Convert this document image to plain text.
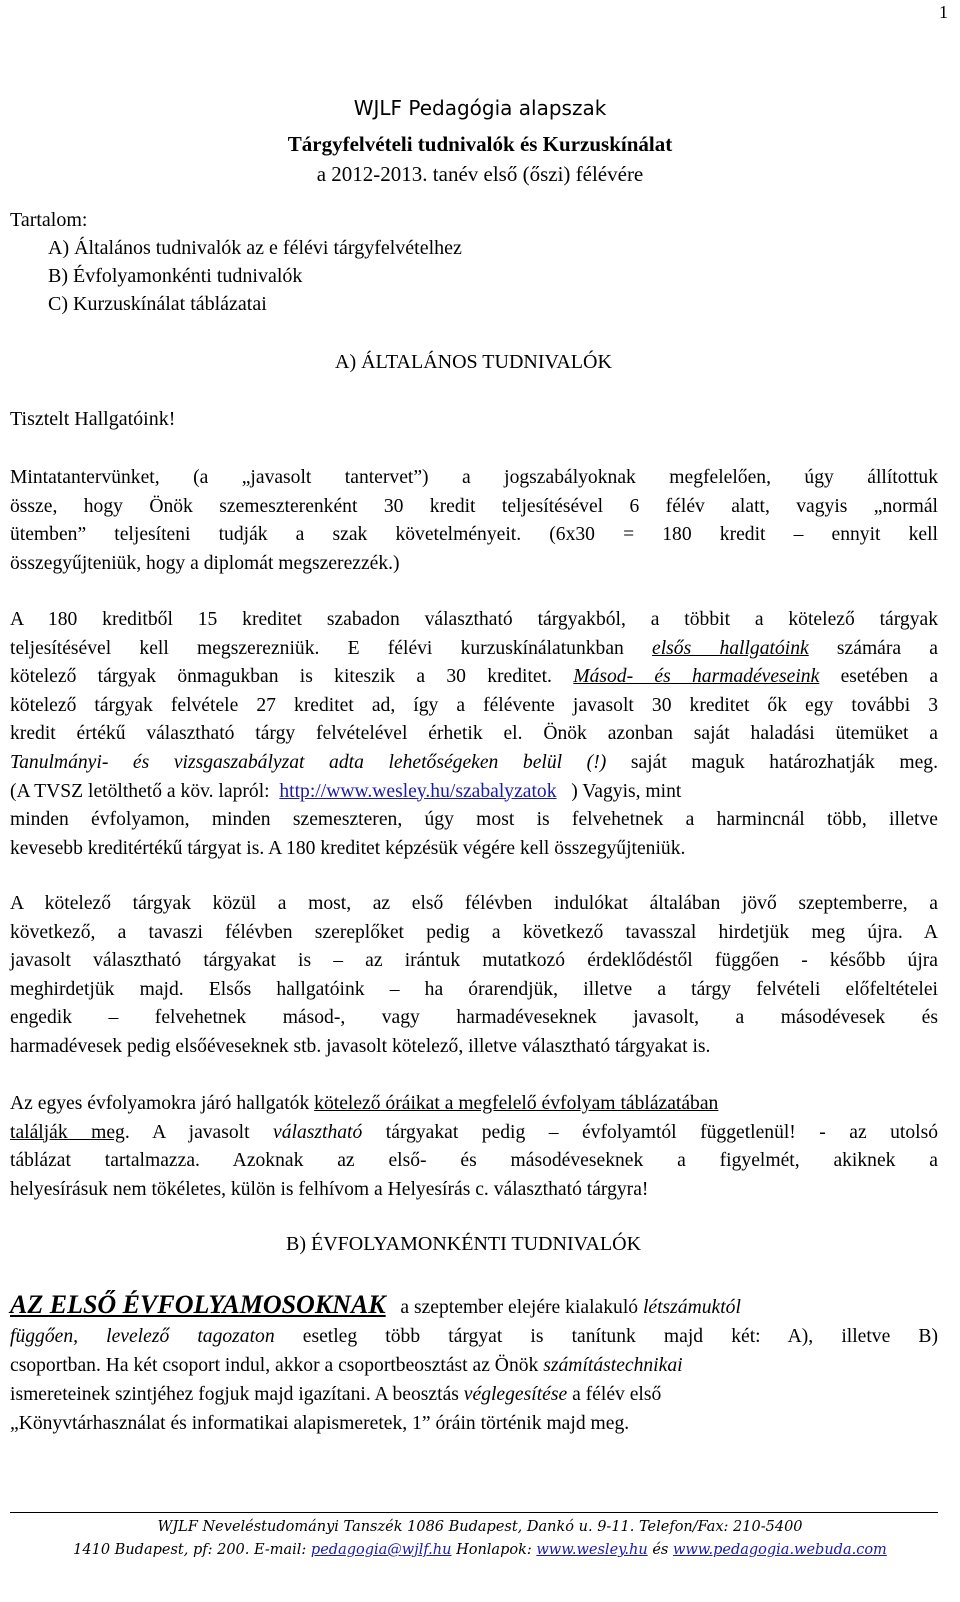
1
WJLF Pedagógia alapszak
Tárgyfelvételi tudnivalók és Kurzuskínálat
a 2012-2013. tanév első (őszi) félévére
Tartalom:
A) Általános tudnivalók az e félévi tárgyfelvételhez
B) Évfolyamonkénti tudnivalók
C) Kurzuskínálat táblázatai
A) ÁLTALÁNOS TUDNIVALÓK
Tisztelt Hallgatóink!
Mintatantervünket, (a „javasolt tantervet”) a jogszabályoknak megfelelően, úgy állítottuk
össze, hogy Önök szemeszterenként 30 kredit teljesítésével 6 félév alatt, vagyis „normál
ütemben” teljesíteni tudják a szak követelményeit. (6x30 = 180 kredit – ennyit kell
összegyűjteniük, hogy a diplomát megszerezzék.)
A 180 kreditből 15 kreditet szabadon választható tárgyakból, a többit a kötelező tárgyak
teljesítésével kell megszerezniük. E félévi kurzuskínálatunkban elsős hallgatóink számára a
kötelező tárgyak önmagukban is kiteszik a 30 kreditet. Másod- és harmadéveseink esetében a
kötelező tárgyak felvétele 27 kreditet ad, így a félévente javasolt 30 kreditet ők egy további 3
kredit értékű választható tárgy felvételével érhetik el. Önök azonban saját haladási ütemüket a
Tanulmányi- és vizsgaszabályzat adta lehetőségeken belül (!) saját maguk határozhatják meg.
(A TVSZ letölthető a köv. lapról: http://www.wesley.hu/szabalyzatok ) Vagyis, mint
minden évfolyamon, minden szemeszteren, úgy most is felvehetnek a harmincnál több, illetve
kevesebb kreditértékű tárgyat is. A 180 kreditet képzésük végére kell összegyűjteniük.
A kötelező tárgyak közül a most, az első félévben indulókat általában jövő szeptemberre, a
következő, a tavaszi félévben szereplőket pedig a következő tavasszal hirdetjük meg újra. A
javasolt választható tárgyakat is – az irántuk mutatkozó érdeklődéstől függően - később újra
meghirdetjük majd. Elsős hallgatóink – ha órarendjük, illetve a tárgy felvételi előfeltételei
engedik – felvehetnek másod-, vagy harmadéveseknek javasolt, a másodévesek és
harmadévesek pedig elsőéveseknek stb. javasolt kötelező, illetve választható tárgyakat is.
Az egyes évfolyamokra járó hallgatók kötelező óráikat a megfelelő évfolyam táblázatában
találják meg. A javasolt választható tárgyakat pedig – évfolyamtól függetlenül! - az utolsó
táblázat tartalmazza. Azoknak az első- és másodéveseknek a figyelmét, akiknek a
helyesírásuk nem tökéletes, külön is felhívom a Helyesírás c. választható tárgyra!
B) ÉVFOLYAMONKÉNTI TUDNIVALÓK
AZ ELSŐ ÉVFOLYAMOSOKNAK a szeptember elejére kialakuló létszámuktól
függően, levelező tagozaton esetleg több tárgyat is tanítunk majd két: A), illetve B)
csoportban. Ha két csoport indul, akkor a csoportbeosztást az Önök számítástechnikai
ismereteinek szintjéhez fogjuk majd igazítani. A beosztás véglegesítése a félév első
„Könyvtárhasználat és informatikai alapismeretek, 1” óráin történik majd meg.
WJLF Neveléstudományi Tanszék 1086 Budapest, Dankó u. 9-11. Telefon/Fax: 210-5400
1410 Budapest, pf: 200. E-mail: pedagogia@wjlf.hu Honlapok: www.wesley.hu és www.pedagogia.webuda.com
